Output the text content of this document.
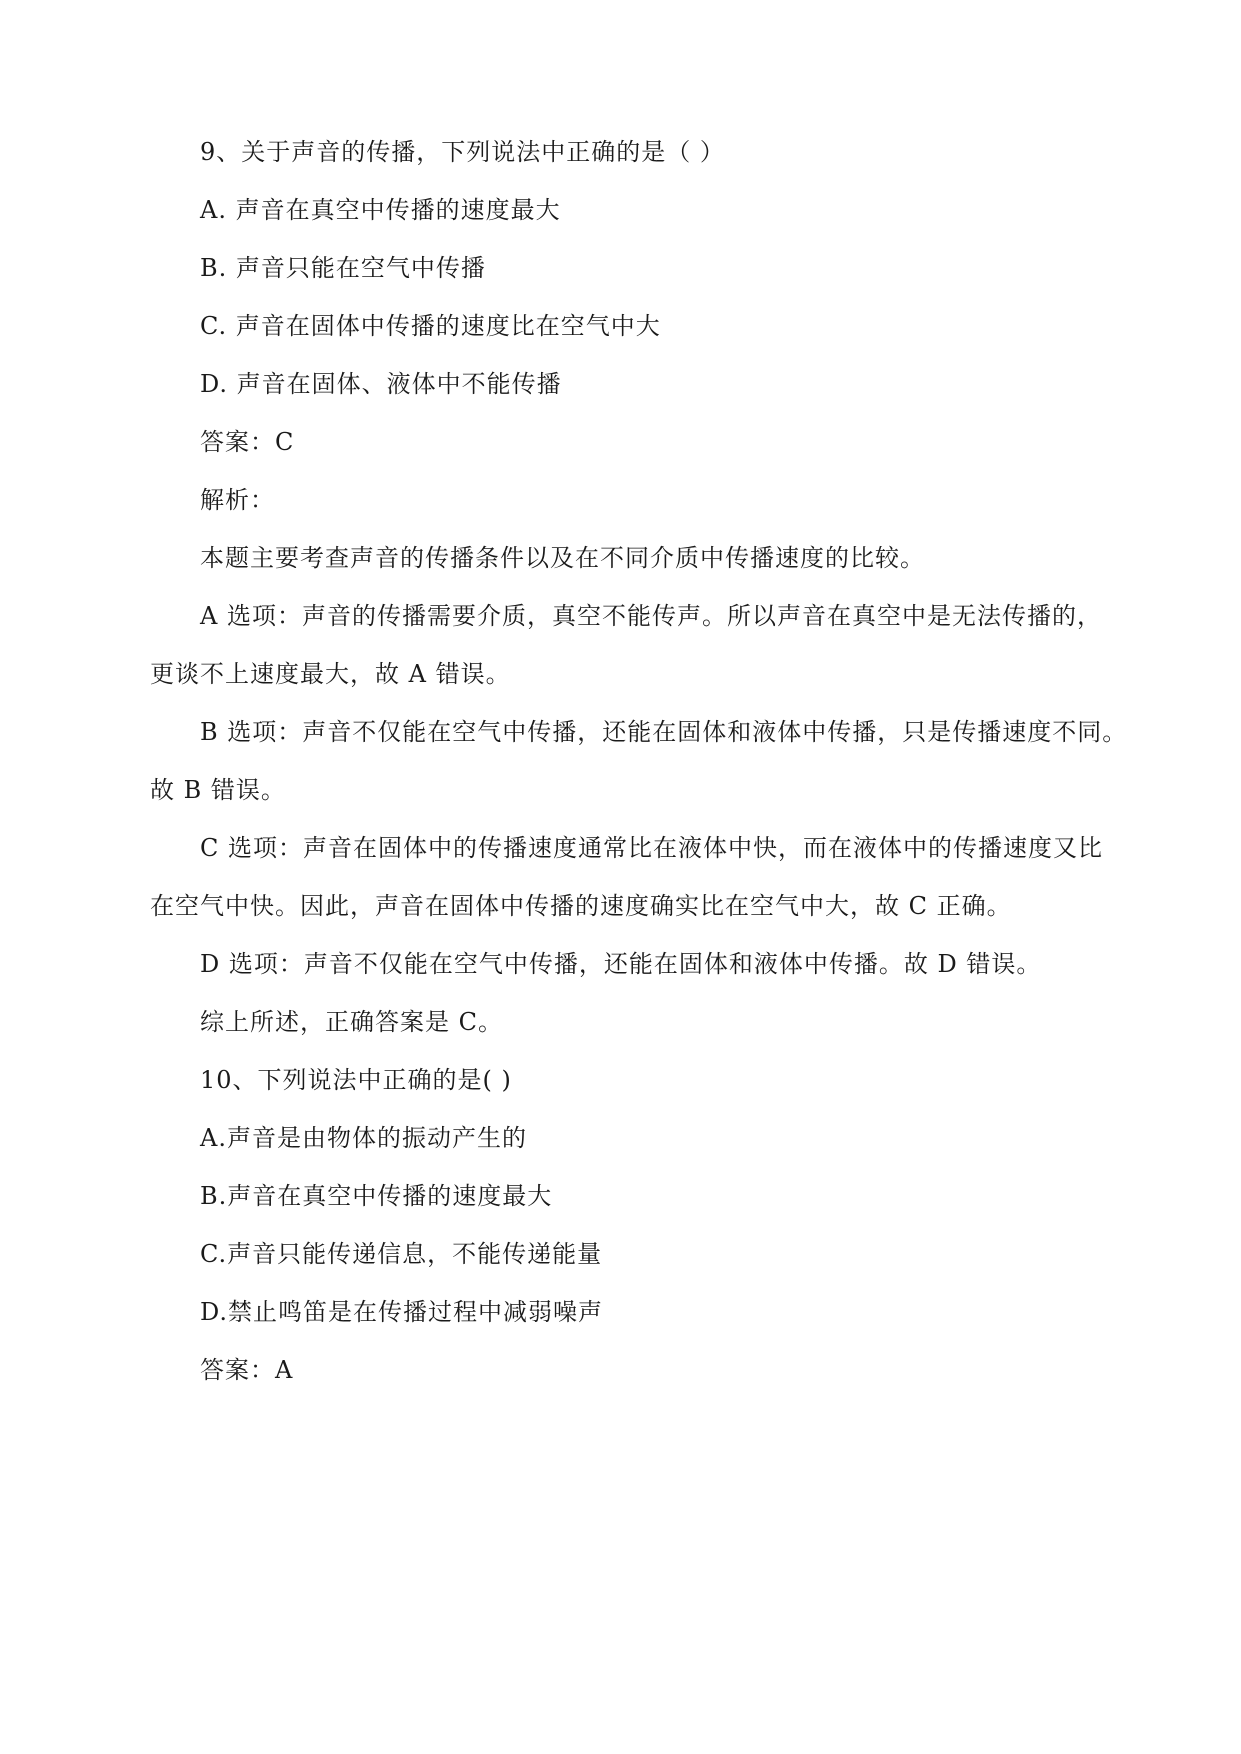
9、关于声音的传播，下列说法中正确的是（ ）

A. 声音在真空中传播的速度最大

B. 声音只能在空气中传播

C. 声音在固体中传播的速度比在空气中大

D. 声音在固体、液体中不能传播

答案：C

解析：

本题主要考查声音的传播条件以及在不同介质中传播速度的比较。

A 选项：声音的传播需要介质，真空不能传声。所以声音在真空中是无法传播的，

更谈不上速度最大，故 A 错误。

B 选项：声音不仅能在空气中传播，还能在固体和液体中传播，只是传播速度不同。

故 B 错误。

C 选项：声音在固体中的传播速度通常比在液体中快，而在液体中的传播速度又比

在空气中快。因此，声音在固体中传播的速度确实比在空气中大，故 C 正确。

D 选项：声音不仅能在空气中传播，还能在固体和液体中传播。故 D 错误。

综上所述，正确答案是 C。

10、下列说法中正确的是( )

A.声音是由物体的振动产生的

B.声音在真空中传播的速度最大

C.声音只能传递信息，不能传递能量

D.禁止鸣笛是在传播过程中减弱噪声

答案：A
